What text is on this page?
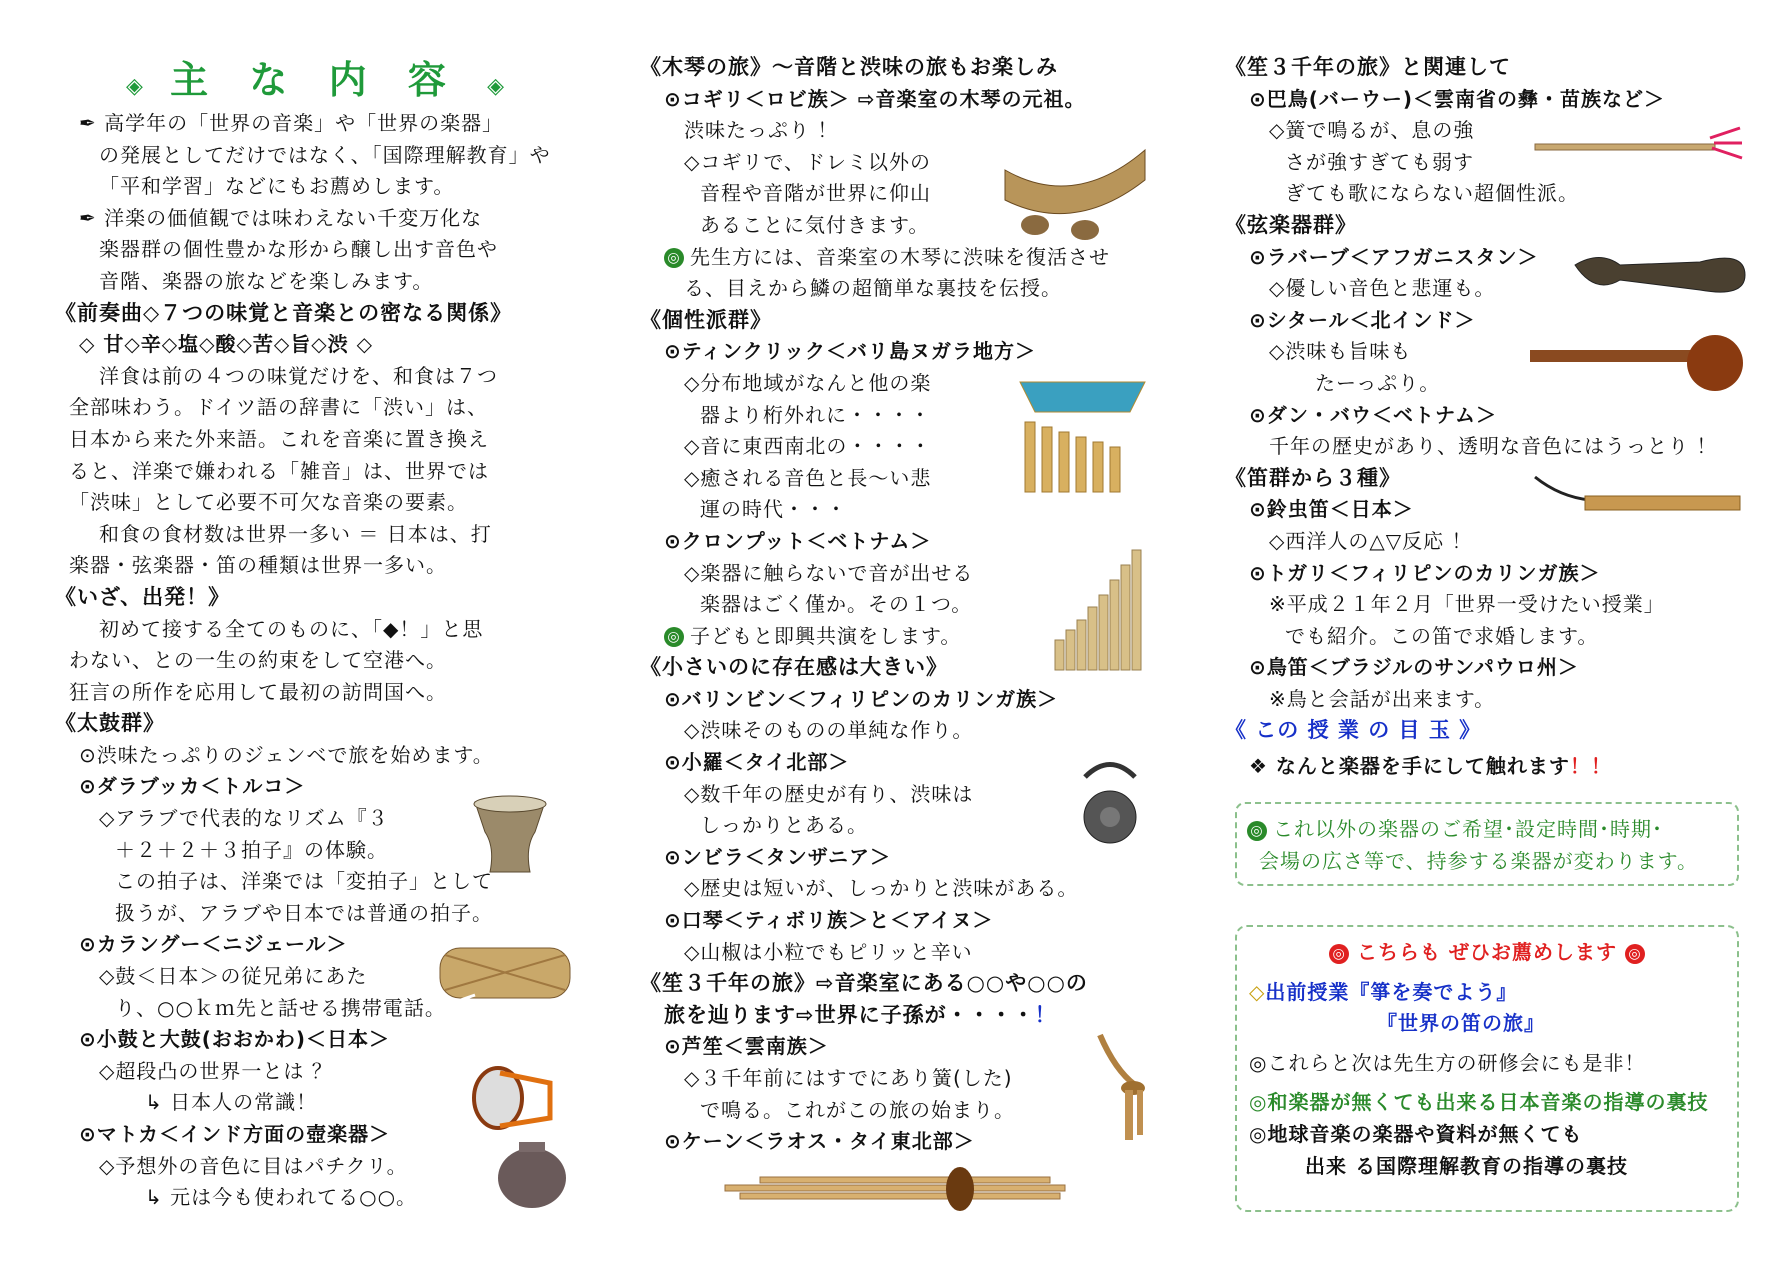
◈ 主 な 内 容 ◈
✒ 高学年の「世界の音楽」や「世界の楽器」
の発展としてだけではなく、「国際理解教育」や
「平和学習」などにもお薦めします。
✒ 洋楽の価値観では味わえない千変万化な
楽器群の個性豊かな形から醸し出す音色や
音階、楽器の旅などを楽しみます。
《前奏曲◇７つの味覚と音楽との密なる関係》
◇ 甘◇辛◇塩◇酸◇苦◇旨◇渋 ◇
洋食は前の４つの味覚だけを、和食は７つ
全部味わう。ドイツ語の辞書に「渋い」は、
日本から来た外来語。これを音楽に置き換え
ると、洋楽で嫌われる「雑音」は、世界では
「渋味」として必要不可欠な音楽の要素。
和食の食材数は世界一多い ＝ 日本は、打
楽器・弦楽器・笛の種類は世界一多い。
《いざ、出発！》
初めて接する全てのものに、「◆！」と思
わない、との一生の約束をして空港へ。
狂言の所作を応用して最初の訪問国へ。
《太鼓群》
⊙渋味たっぷりのジェンベで旅を始めます。
⊙ダラブッカ＜トルコ＞
◇アラブで代表的なリズム『３
＋２＋２＋３拍子』の体験。
この拍子は、洋楽では「変拍子」として
扱うが、アラブや日本では普通の拍子。
⊙カラングー＜ニジェール＞
◇鼓＜日本＞の従兄弟にあた
り、○○ｋｍ先と話せる携帯電話。
⊙小鼓と大鼓(おおかわ)＜日本＞
◇超段凸の世界一とは ？
↳ 日本人の常識！
⊙マトカ＜インド方面の壺楽器＞
◇予想外の音色に目はパチクリ。
↳ 元は今も使われてる○○。
《木琴の旅》～音階と渋味の旅もお楽しみ
⊙コギリ＜ロビ族＞ ⇨音楽室の木琴の元祖。
渋味たっぷり ！
◇コギリで、ドレミ以外の
音程や音階が世界に仰山
あることに気付きます。
◎ 先生方には、音楽室の木琴に渋味を復活させ
る、目えから鱗の超簡単な裏技を伝授。
《個性派群》
⊙ティンクリック＜バリ島ヌガラ地方＞
◇分布地域がなんと他の楽
器より桁外れに・・・・
◇音に東西南北の・・・・
◇癒される音色と長～い悲
運の時代・・・
⊙クロンプット＜ベトナム＞
◇楽器に触らないで音が出せる
楽器はごく僅か。その１つ。
◎ 子どもと即興共演をします。
《小さいのに存在感は大きい》
⊙バリンビン＜フィリピンのカリンガ族＞
◇渋味そのものの単純な作り。
⊙小羅＜タイ北部＞
◇数千年の歴史が有り、渋味は
しっかりとある。
⊙ンビラ＜タンザニア＞
◇歴史は短いが、しっかりと渋味がある。
⊙口琴＜ティボリ族＞と＜アイヌ＞
◇山椒は小粒でもピリッと辛い
《笙３千年の旅》⇨音楽室にある○○や○○の
旅を辿ります⇨世界に子孫が・・・・！
⊙芦笙＜雲南族＞
◇３千年前にはすでにあり簧(した)
で鳴る。これがこの旅の始まり。
⊙ケーン＜ラオス・タイ東北部＞
《笙３千年の旅》と関連して
⊙巴鳥(バーウー)＜雲南省の彝・苗族など＞
◇簧で鳴るが、息の強
さが強すぎても弱す
ぎても歌にならない超個性派。
《弦楽器群》
⊙ラバーブ＜アフガニスタン＞
◇優しい音色と悲運も。
⊙シタール＜北インド＞
◇渋味も旨味も
たーっぷり。
⊙ダン・バウ＜ベトナム＞
千年の歴史があり、透明な音色にはうっとり ！
《笛群から３種》
⊙鈴虫笛＜日本＞
◇西洋人の△▽反応 ！
⊙トガリ＜フィリピンのカリンガ族＞
※平成２１年２月「世界一受けたい授業」
でも紹介。この笛で求婚します。
⊙鳥笛＜ブラジルのサンパウロ州＞
※鳥と会話が出来ます。
《 この 授 業 の 目 玉 》
❖ なんと楽器を手にして触れます！！
◎ これ以外の楽器のご希望･設定時間･時期･
会場の広さ等で、持参する楽器が変わります。
◎ こちらも ぜひお薦めします ◎
◇出前授業『箏を奏でよう』
『世界の笛の旅』
◎これらと次は先生方の研修会にも是非！
◎和楽器が無くても出来る日本音楽の指導の裏技
◎地球音楽の楽器や資料が無くても
出来 る国際理解教育の指導の裏技
